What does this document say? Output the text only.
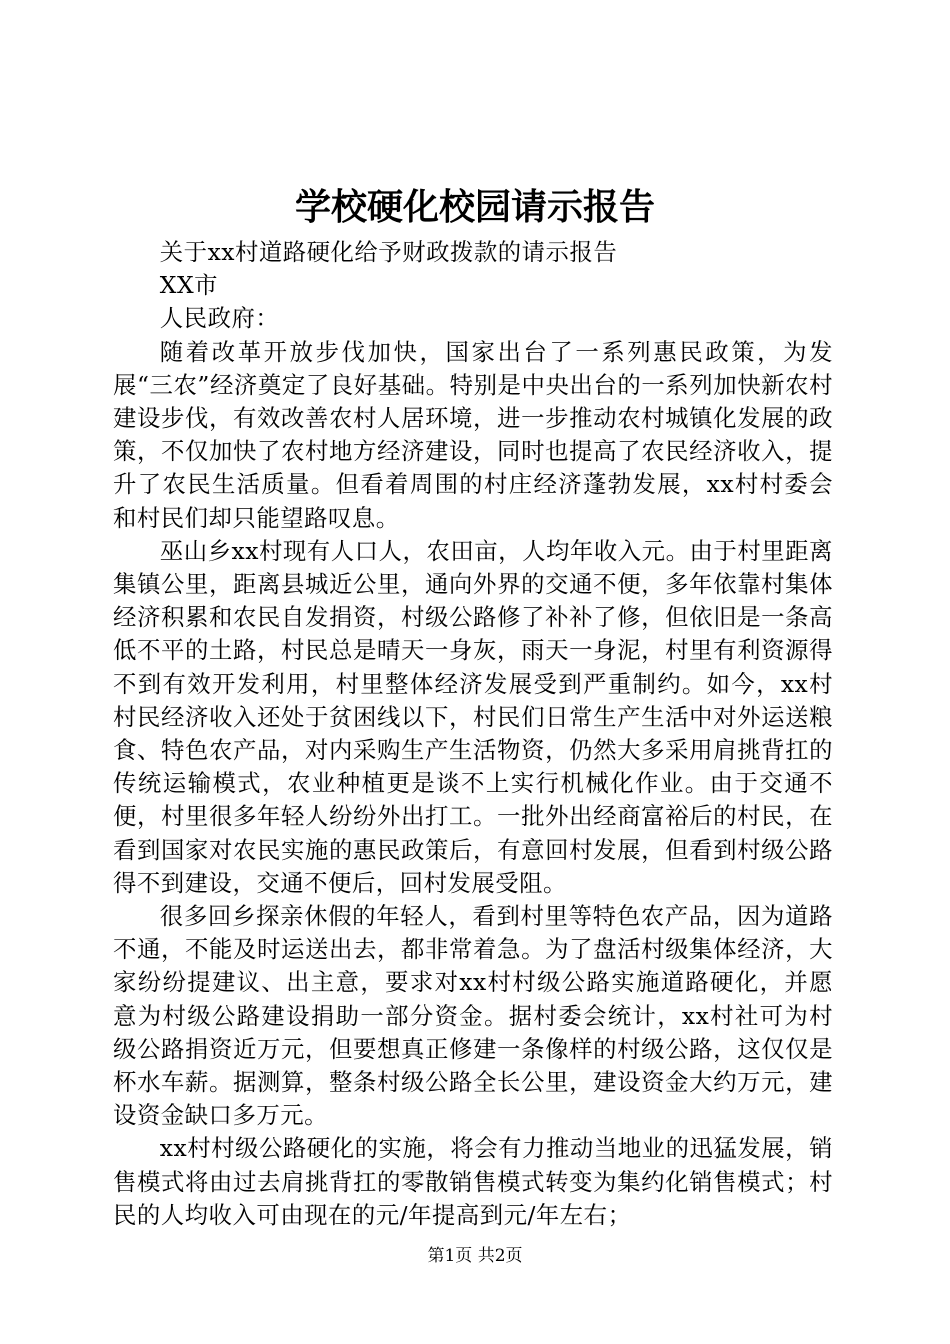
学校硬化校园请示报告

关于xx村道路硬化给予财政拨款的请示报告

XX市

人民政府：

随着改革开放步伐加快，国家出台了一系列惠民政策，为发展“三农”经济奠定了良好基础。特别是中央出台的一系列加快新农村建设步伐，有效改善农村人居环境，进一步推动农村城镇化发展的政策，不仅加快了农村地方经济建设，同时也提高了农民经济收入，提升了农民生活质量。但看着周围的村庄经济蓬勃发展，xx村村委会和村民们却只能望路叹息。

巫山乡xx村现有人口人，农田亩，人均年收入元。由于村里距离集镇公里，距离县城近公里，通向外界的交通不便，多年依靠村集体经济积累和农民自发捐资，村级公路修了补补了修，但依旧是一条高低不平的土路，村民总是晴天一身灰，雨天一身泥，村里有利资源得不到有效开发利用，村里整体经济发展受到严重制约。如今，xx村村民经济收入还处于贫困线以下，村民们日常生产生活中对外运送粮食、特色农产品，对内采购生产生活物资，仍然大多采用肩挑背扛的传统运输模式，农业种植更是谈不上实行机械化作业。由于交通不便，村里很多年轻人纷纷外出打工。一批外出经商富裕后的村民，在看到国家对农民实施的惠民政策后，有意回村发展，但看到村级公路得不到建设，交通不便后，回村发展受阻。

很多回乡探亲休假的年轻人，看到村里等特色农产品，因为道路不通，不能及时运送出去，都非常着急。为了盘活村级集体经济，大家纷纷提建议、出主意，要求对xx村村级公路实施道路硬化，并愿意为村级公路建设捐助一部分资金。据村委会统计，xx村社可为村级公路捐资近万元，但要想真正修建一条像样的村级公路，这仅仅是杯水车薪。据测算，整条村级公路全长公里，建设资金大约万元，建设资金缺口多万元。

xx村村级公路硬化的实施，将会有力推动当地业的迅猛发展，销售模式将由过去肩挑背扛的零散销售模式转变为集约化销售模式；村民的人均收入可由现在的元/年提高到元/年左右；

第1页 共2页
